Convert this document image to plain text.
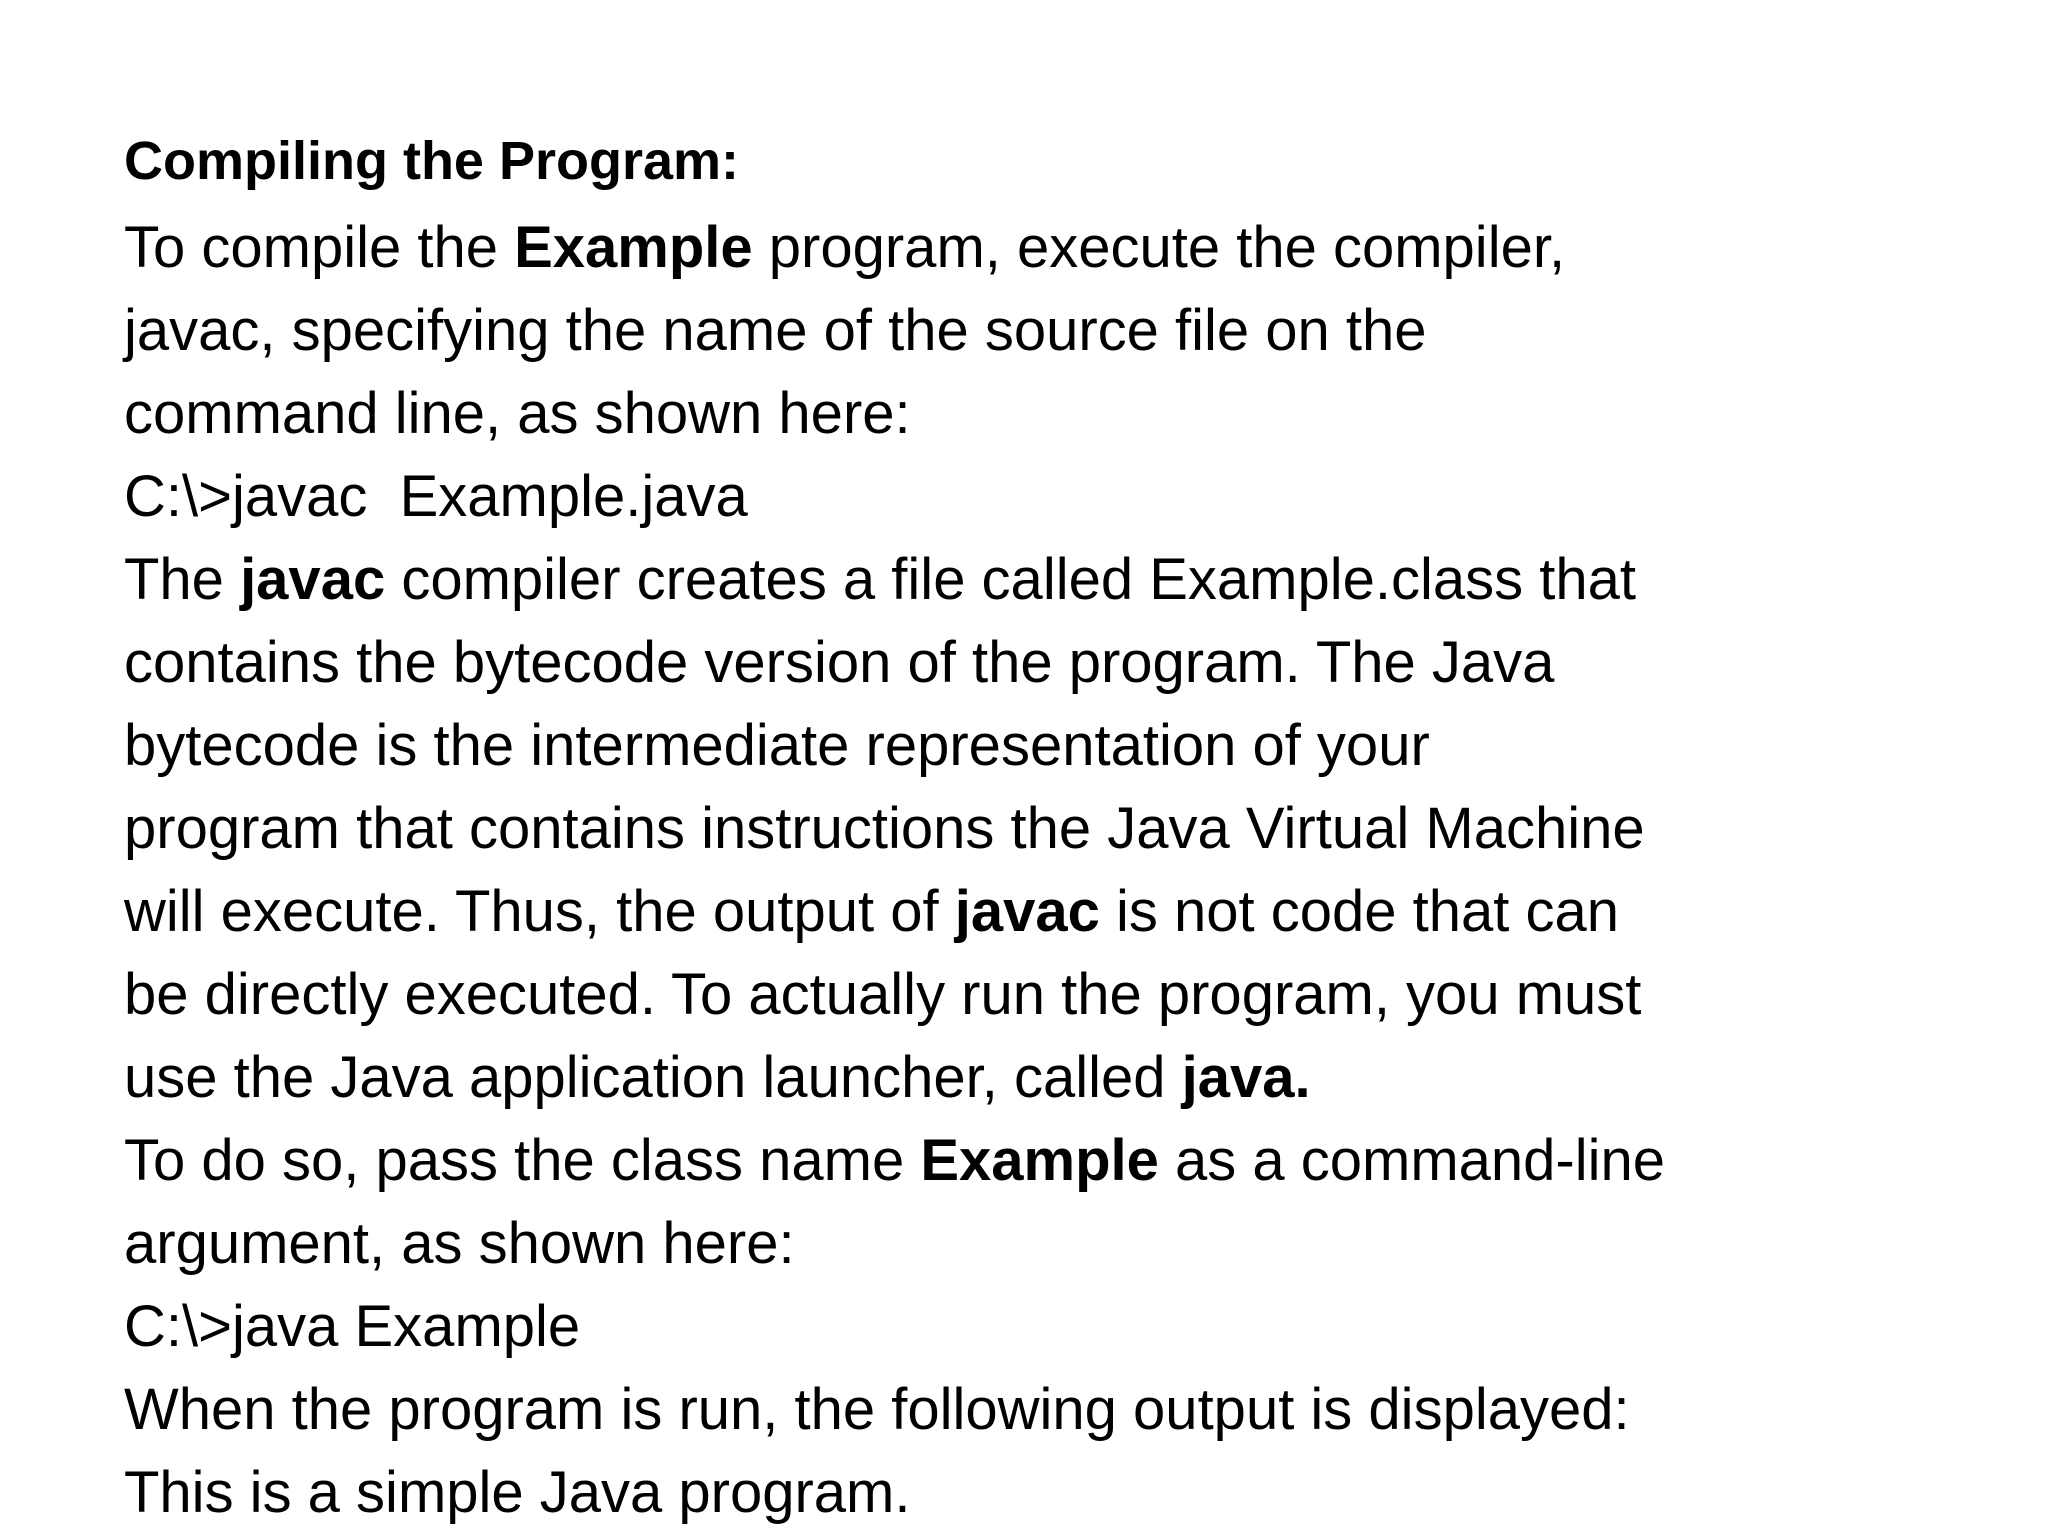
Compiling the Program:
To compile the Example program, execute the compiler,
javac, specifying the name of the source file on the
command line, as shown here:
C:\>javac  Example.java
The javac compiler creates a file called Example.class that
contains the bytecode version of the program. The Java
bytecode is the intermediate representation of your
program that contains instructions the Java Virtual Machine
will execute. Thus, the output of javac is not code that can
be directly executed. To actually run the program, you must
use the Java application launcher, called java.
To do so, pass the class name Example as a command-line
argument, as shown here:
C:\>java Example
When the program is run, the following output is displayed:
This is a simple Java program.
